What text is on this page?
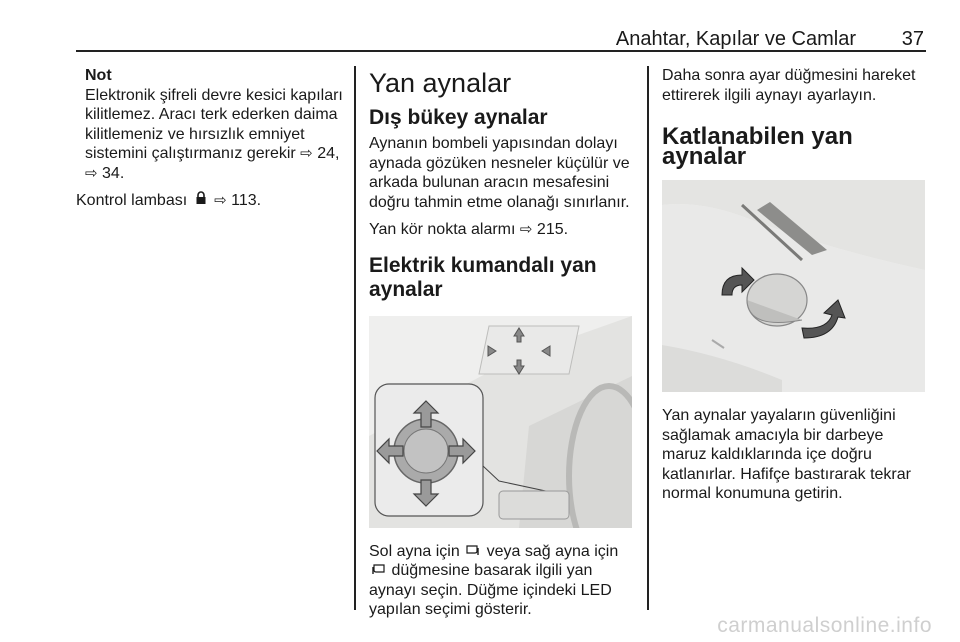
Anahtar, Kapılar ve Camlar 37

Not

Elektronik şifreli devre kesici kapıları kilitlemez. Aracı terk ederken daima kilitlemeniz ve hırsızlık emniyet sistemini çalıştırmanız gerekir ⇨ 24,
⇨ 34.

Kontrol lambası ⇨ 113.

Yan aynalar
Dış bükey aynalar

Aynanın bombeli yapısından dolayı aynada gözüken nesneler küçülür ve arkada bulunan aracın mesafesini doğru tahmin etme olanağı sınırlanır.

Yan kör nokta alarmı ⇨ 215.

Elektrik kumandalı yan aynalar

Sol ayna için veya sağ ayna için
düğmesine basarak ilgili yan aynayı seçin. Düğme içindeki LED yapılan seçimi gösterir.

Daha sonra ayar düğmesini hareket ettirerek ilgili aynayı ayarlayın.

Katlanabilen yan aynalar

Yan aynalar yayaların güvenliğini sağlamak amacıyla bir darbeye maruz kaldıklarında içe doğru katlanırlar. Hafifçe bastırarak tekrar normal konumuna getirin.

carmanualsonline.info
